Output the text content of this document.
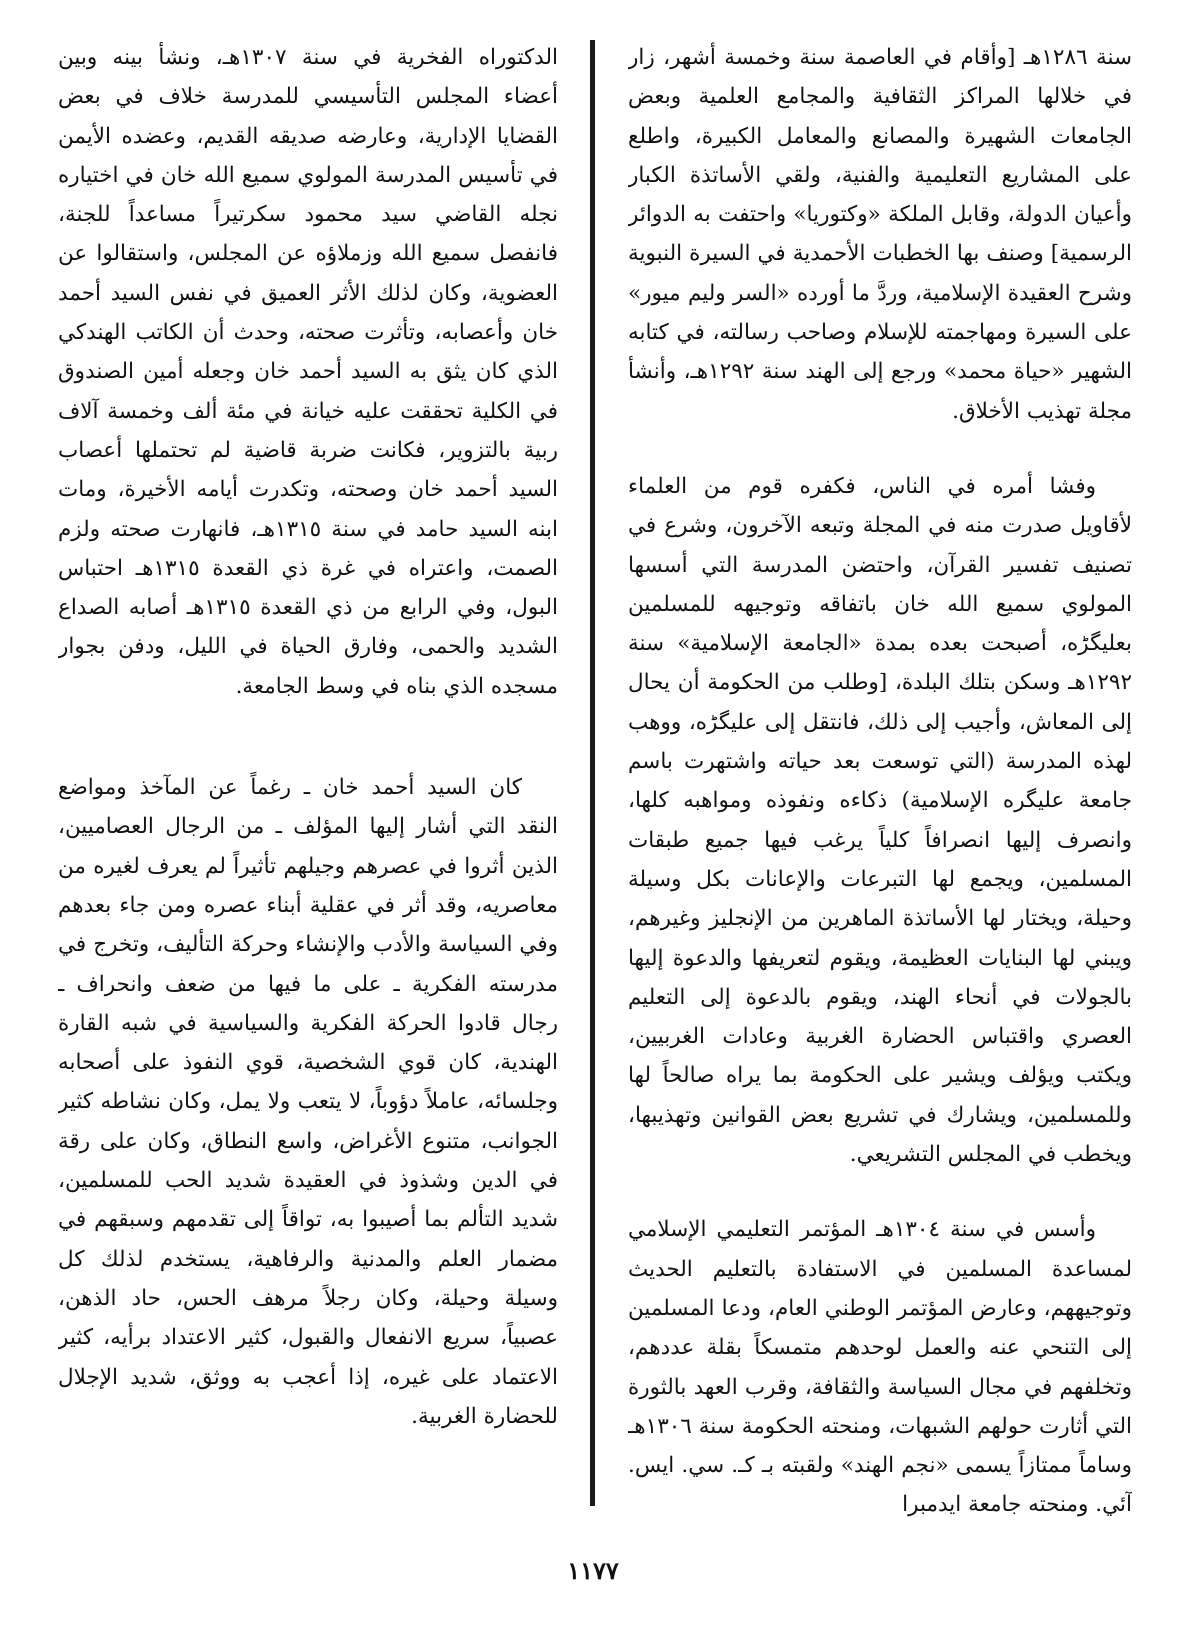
سنة ١٢٨٦هـ [وأقام في العاصمة سنة وخمسة أشهر، زار في خلالها المراكز الثقافية والمجامع العلمية وبعض الجامعات الشهيرة والمصانع والمعامل الكبيرة، واطلع على المشاريع التعليمية والفنية، ولقي الأساتذة الكبار وأعيان الدولة، وقابل الملكة «وكتوريا» واحتفت به الدوائر الرسمية] وصنف بها الخطبات الأحمدية في السيرة النبوية وشرح العقيدة الإسلامية، وردَّ ما أورده «السر وليم ميور» على السيرة ومهاجمته للإسلام وصاحب رسالته، في كتابه الشهير «حياة محمد» ورجع إلى الهند سنة ١٢٩٢هـ، وأنشأ مجلة تهذيب الأخلاق.

وفشا أمره في الناس، فكفره قوم من العلماء لأقاويل صدرت منه في المجلة وتبعه الآخرون، وشرع في تصنيف تفسير القرآن، واحتضن المدرسة التي أسسها المولوي سميع الله خان باتفاقه وتوجيهه للمسلمين بعليگڑه، أصبحت بعده بمدة «الجامعة الإسلامية» سنة ١٢٩٢هـ وسكن بتلك البلدة، [وطلب من الحكومة أن يحال إلى المعاش، وأجيب إلى ذلك، فانتقل إلى عليگڑه، ووهب لهذه المدرسة (التي توسعت بعد حياته واشتهرت باسم جامعة عليگره الإسلامية) ذكاءه ونفوذه ومواهبه كلها، وانصرف إليها انصرافاً كلياً يرغب فيها جميع طبقات المسلمين، ويجمع لها التبرعات والإعانات بكل وسيلة وحيلة، ويختار لها الأساتذة الماهرين من الإنجليز وغيرهم، ويبني لها البنايات العظيمة، ويقوم لتعريفها والدعوة إليها بالجولات في أنحاء الهند، ويقوم بالدعوة إلى التعليم العصري واقتباس الحضارة الغربية وعادات الغربيين، ويكتب ويؤلف ويشير على الحكومة بما يراه صالحاً لها وللمسلمين، ويشارك في تشريع بعض القوانين وتهذيبها، ويخطب في المجلس التشريعي.

وأسس في سنة ١٣٠٤هـ المؤتمر التعليمي الإسلامي لمساعدة المسلمين في الاستفادة بالتعليم الحديث وتوجيههم، وعارض المؤتمر الوطني العام، ودعا المسلمين إلى التنحي عنه والعمل لوحدهم متمسكاً بقلة عددهم، وتخلفهم في مجال السياسة والثقافة، وقرب العهد بالثورة التي أثارت حولهم الشبهات، ومنحته الحكومة سنة ١٣٠٦هـ وساماً ممتازاً يسمى «نجم الهند» ولقبته بـ كـ. سي. ايس. آئي. ومنحته جامعة ايدمبرا

الدكتوراه الفخرية في سنة ١٣٠٧هـ، ونشأ بينه وبين أعضاء المجلس التأسيسي للمدرسة خلاف في بعض القضايا الإدارية، وعارضه صديقه القديم، وعضده الأيمن في تأسيس المدرسة المولوي سميع الله خان في اختياره نجله القاضي سيد محمود سكرتيراً مساعداً للجنة، فانفصل سميع الله وزملاؤه عن المجلس، واستقالوا عن العضوية، وكان لذلك الأثر العميق في نفس السيد أحمد خان وأعصابه، وتأثرت صحته، وحدث أن الكاتب الهندكي الذي كان يثق به السيد أحمد خان وجعله أمين الصندوق في الكلية تحققت عليه خيانة في مئة ألف وخمسة آلاف ربية بالتزوير، فكانت ضربة قاضية لم تحتملها أعصاب السيد أحمد خان وصحته، وتكدرت أيامه الأخيرة، ومات ابنه السيد حامد في سنة ١٣١٥هـ، فانهارت صحته ولزم الصمت، واعتراه في غرة ذي القعدة ١٣١٥هـ احتباس البول، وفي الرابع من ذي القعدة ١٣١٥هـ أصابه الصداع الشديد والحمى، وفارق الحياة في الليل، ودفن بجوار مسجده الذي بناه في وسط الجامعة.

كان السيد أحمد خان ـ رغماً عن المآخذ ومواضع النقد التي أشار إليها المؤلف ـ من الرجال العصاميين، الذين أثروا في عصرهم وجيلهم تأثيراً لم يعرف لغيره من معاصريه، وقد أثر في عقلية أبناء عصره ومن جاء بعدهم وفي السياسة والأدب والإنشاء وحركة التأليف، وتخرج في مدرسته الفكرية ـ على ما فيها من ضعف وانحراف ـ رجال قادوا الحركة الفكرية والسياسية في شبه القارة الهندية، كان قوي الشخصية، قوي النفوذ على أصحابه وجلسائه، عاملاً دؤوباً، لا يتعب ولا يمل، وكان نشاطه كثير الجوانب، متنوع الأغراض، واسع النطاق، وكان على رقة في الدين وشذوذ في العقيدة شديد الحب للمسلمين، شديد التألم بما أصيبوا به، تواقاً إلى تقدمهم وسبقهم في مضمار العلم والمدنية والرفاهية، يستخدم لذلك كل وسيلة وحيلة، وكان رجلاً مرهف الحس، حاد الذهن، عصبياً، سريع الانفعال والقبول، كثير الاعتداد برأيه، كثير الاعتماد على غيره، إذا أعجب به ووثق، شديد الإجلال للحضارة الغربية.

١١٧٧
